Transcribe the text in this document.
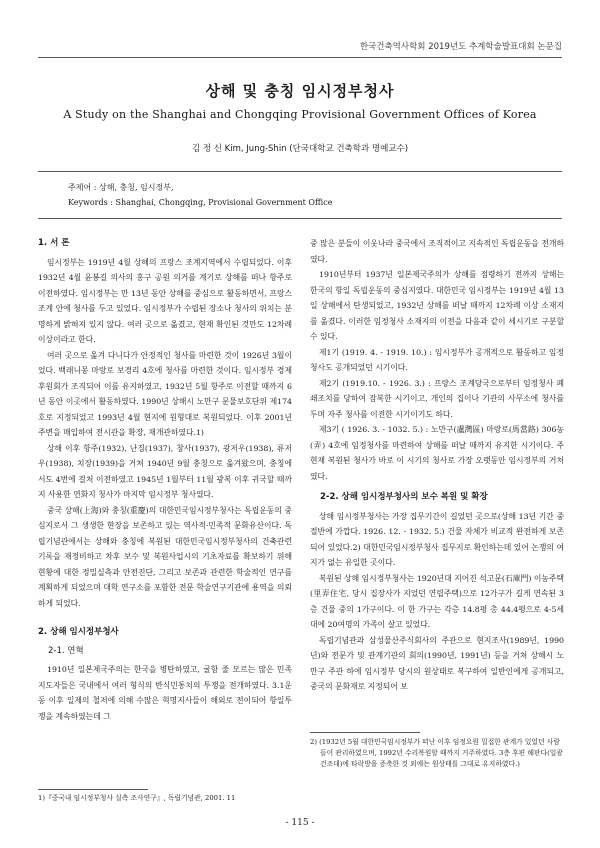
한국건축역사학회 2019년도 추계학술발표대회 논문집
상해 및 충칭 임시정부청사
A Study on the Shanghai and Chongqing Provisional Government Offices of Korea
김 정 신 Kim, Jung-Shin (단국대학교 건축학과 명예교수)
주제어 : 상해, 충칭, 임시정부,
Keywords : Shanghai, Chongqing, Provisional Government Office
1. 서 론

임시정부는 1919년 4월 상해의 프랑스 조계지역에서 수립되었다. 이후 1932년 4월 윤봉길 의사의 홍구 공원 의거를 계기로 상해를 떠나 항주로 이전하였다. 임시정부는 만 13년 동안 상해를 중심으로 활동하면서, 프랑스 조계 안에 청사를 두고 있었다. 임시정부가 수립된 장소나 청사의 위치는 분명하게 밝혀져 있지 않다. 여러 곳으로 옮겼고, 현재 확인된 것만도 12차례 이상이라고 한다.

여러 곳으로 옮겨 다니다가 안정적인 청사를 마련한 것이 1926년 3월이었다. 백래니몽 마랑로 보경리 4호에 청사를 마련한 것이다. 임시정부 경제후원회가 조직되어 이를 유지하였고, 1932년 5월 항주로 이전할 때까지 6년 동안 이곳에서 활동하였다. 1990년 상해시 노만구 문물보호단위 제174호로 지정되었고 1993년 4월 현지에 원형대로 복원되었다. 이후 2001년 주변을 매입하여 전시관을 확장, 재개관하였다.1)

상해 이후 항주(1932), 난징(1937), 창사(1937), 광저우(1938), 류저우(1938), 치장(1939)을 거쳐 1940년 9월 충칭으로 옮겨왔으며, 충칭에서도 4번에 걸쳐 이전하였고 1945년 1월부터 11월 광복 이후 귀국할 때까지 사용한 연화지 청사가 마지막 임시정부 청사였다.

중국 상해(上海)와 충칭(重慶)의 대한민국임시정부청사는 독립운동의 중심지로서 그 생생한 현장을 보존하고 있는 역사적·민족적 문화유산이다. 독립기념관에서는 상해와 충칭에 복원된 대한민국임시정부청사의 건축관련 기록을 재정비하고 차후 보수 및 복원사업시의 기초자료를 확보하기 위해 현황에 대한 정밀실측과 안전진단, 그리고 보존과 관련한 학술적인 연구를 계획하게 되었으며 대학 연구소를 포함한 전문 학술연구기관에 용역을 의뢰하게 되었다.

2. 상해 임시정부청사
2-1. 연혁

1910년 일본제국주의는 한국을 병탄하였고, 굴함 줄 모르는 많은 민족지도자들은 국내에서 여러 형식의 반식민통치의 투쟁을 전개하였다. 3.1운동 이후 일제의 철저에 의해 수많은 혁명지사들이 해외로 전이되어 항일투쟁을 계속하였는데 그

중 많은 분들이 이웃나라 중국에서 조직적이고 지속적인 독립운동을 전개하였다.

1910년부터 1937년 일본제국주의가 상해를 점령하기 전까지 상해는 한국의 항일 독립운동의 중심지였다. 대한민국 임시정부는 1919년 4월 13일 상해에서 탄생되었고, 1932년 상해를 떠날 때까지 12차례 이상 소재지를 옮겼다. 이러한 임정청사 소재지의 이전을 다음과 같이 세시기로 구분할 수 있다.

제1기 (1919. 4. - 1919. 10.) : 임시정부가 공개적으로 활동하고 임정청사도 공개되었던 시기이다.

제2기 (1919.10. - 1926. 3.) : 프랑스 조계당국으로부터 임정청사 폐쇄조치를 당하여 잠복한 시기이고, 개인의 집이나 기관의 사무소에 청사를 두며 자주 청사를 이전한 시기이기도 하다.

제3기 ( 1926. 3. - 1032. 5.) : 노만구(盧灣區) 마랑로(馬當路) 306농(弄) 4호에 임정청사를 마련하여 상해를 떠날 때까지 유지한 시기이다. 주 현재 복원된 청사가 바로 이 시기의 청사로 가장 오랫동안 임시정부의 거처였다.

2-2. 상해 임시정부청사의 보수 복원 및 확장

상해 임시정부청사는 가장 집무기간이 길었던 곳으로(상해 13년 기간 중 절반에 가깝다. 1926. 12. - 1932. 5.) 건물 자체가 비교적 완전하게 보존되어 있었다.2) 대한민국임시정부청사 집무지로 확인하는데 있어 논쟁의 여지가 없는 유일한 곳이다.

복원된 상해 임시정부청사는 1920년대 지어진 석고문(石庫門) 이농주택(里弄住宅, 당시 집장사가 지었던 연립주택)으로 12가구가 길게 연속된 3층 건물 중의 1가구이다. 이 한 가구는 각층 14.8평 총 44.4평으로 4-5세대에 20여명의 가족이 살고 있었다.

독립기념관과 삼성물산주식회사의 주관으로 현지조사(1989년, 1990년)와 전문가 및 관계기관의 회의(1990년, 1991년) 등을 거쳐 상해시 노만구 주관 하에 임시정부 당시의 원상태로 복구하여 일반인에게 공개되고, 중국의 문화재로 지정되어 보

2) (1932년 5월 대한민국임시정부가 떠난 이후 임정요원 밀접한 관계가 있었던 사람들이 관리하였으며, 1992년 수리복원할 때까지 거주하였다. 3층 후편 해판다(일광 건조대)에 타락방을 증축한 것 외에는 원상태를 그대로 유지하였다.)
1)『중국내 임시정부청사 실측 조사연구』, 독립기념관, 2001. 11
- 115 -
